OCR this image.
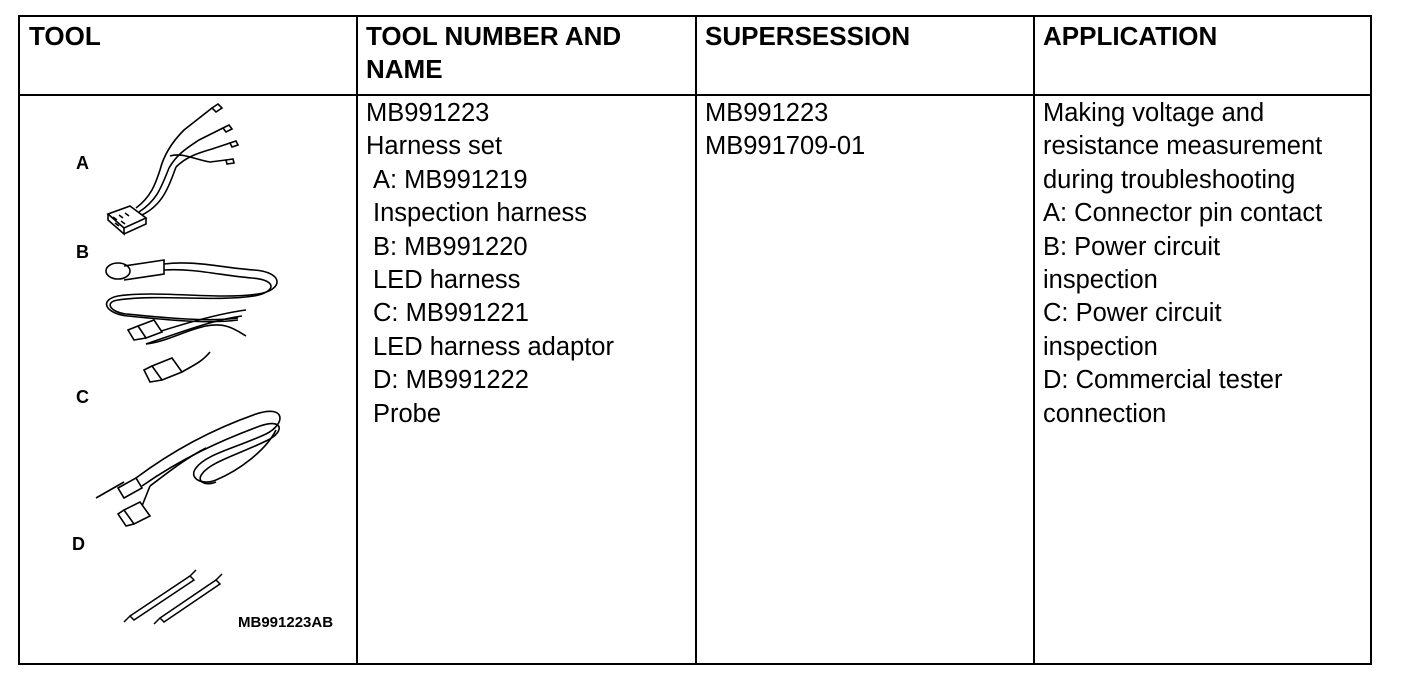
TOOL	TOOL NUMBER AND NAME
SUPERSESSION	APPLICATION
A
B
C
D
MB991223AB
MB991223
Harness set
A: MB991219
Inspection harness
B: MB991220
LED harness
C: MB991221
LED harness adaptor
D: MB991222
Probe
MB991223
MB991709-01
Making voltage and
resistance measurement
during troubleshooting
A: Connector pin contact
B: Power circuit
inspection
C: Power circuit
inspection
D: Commercial tester
connection
